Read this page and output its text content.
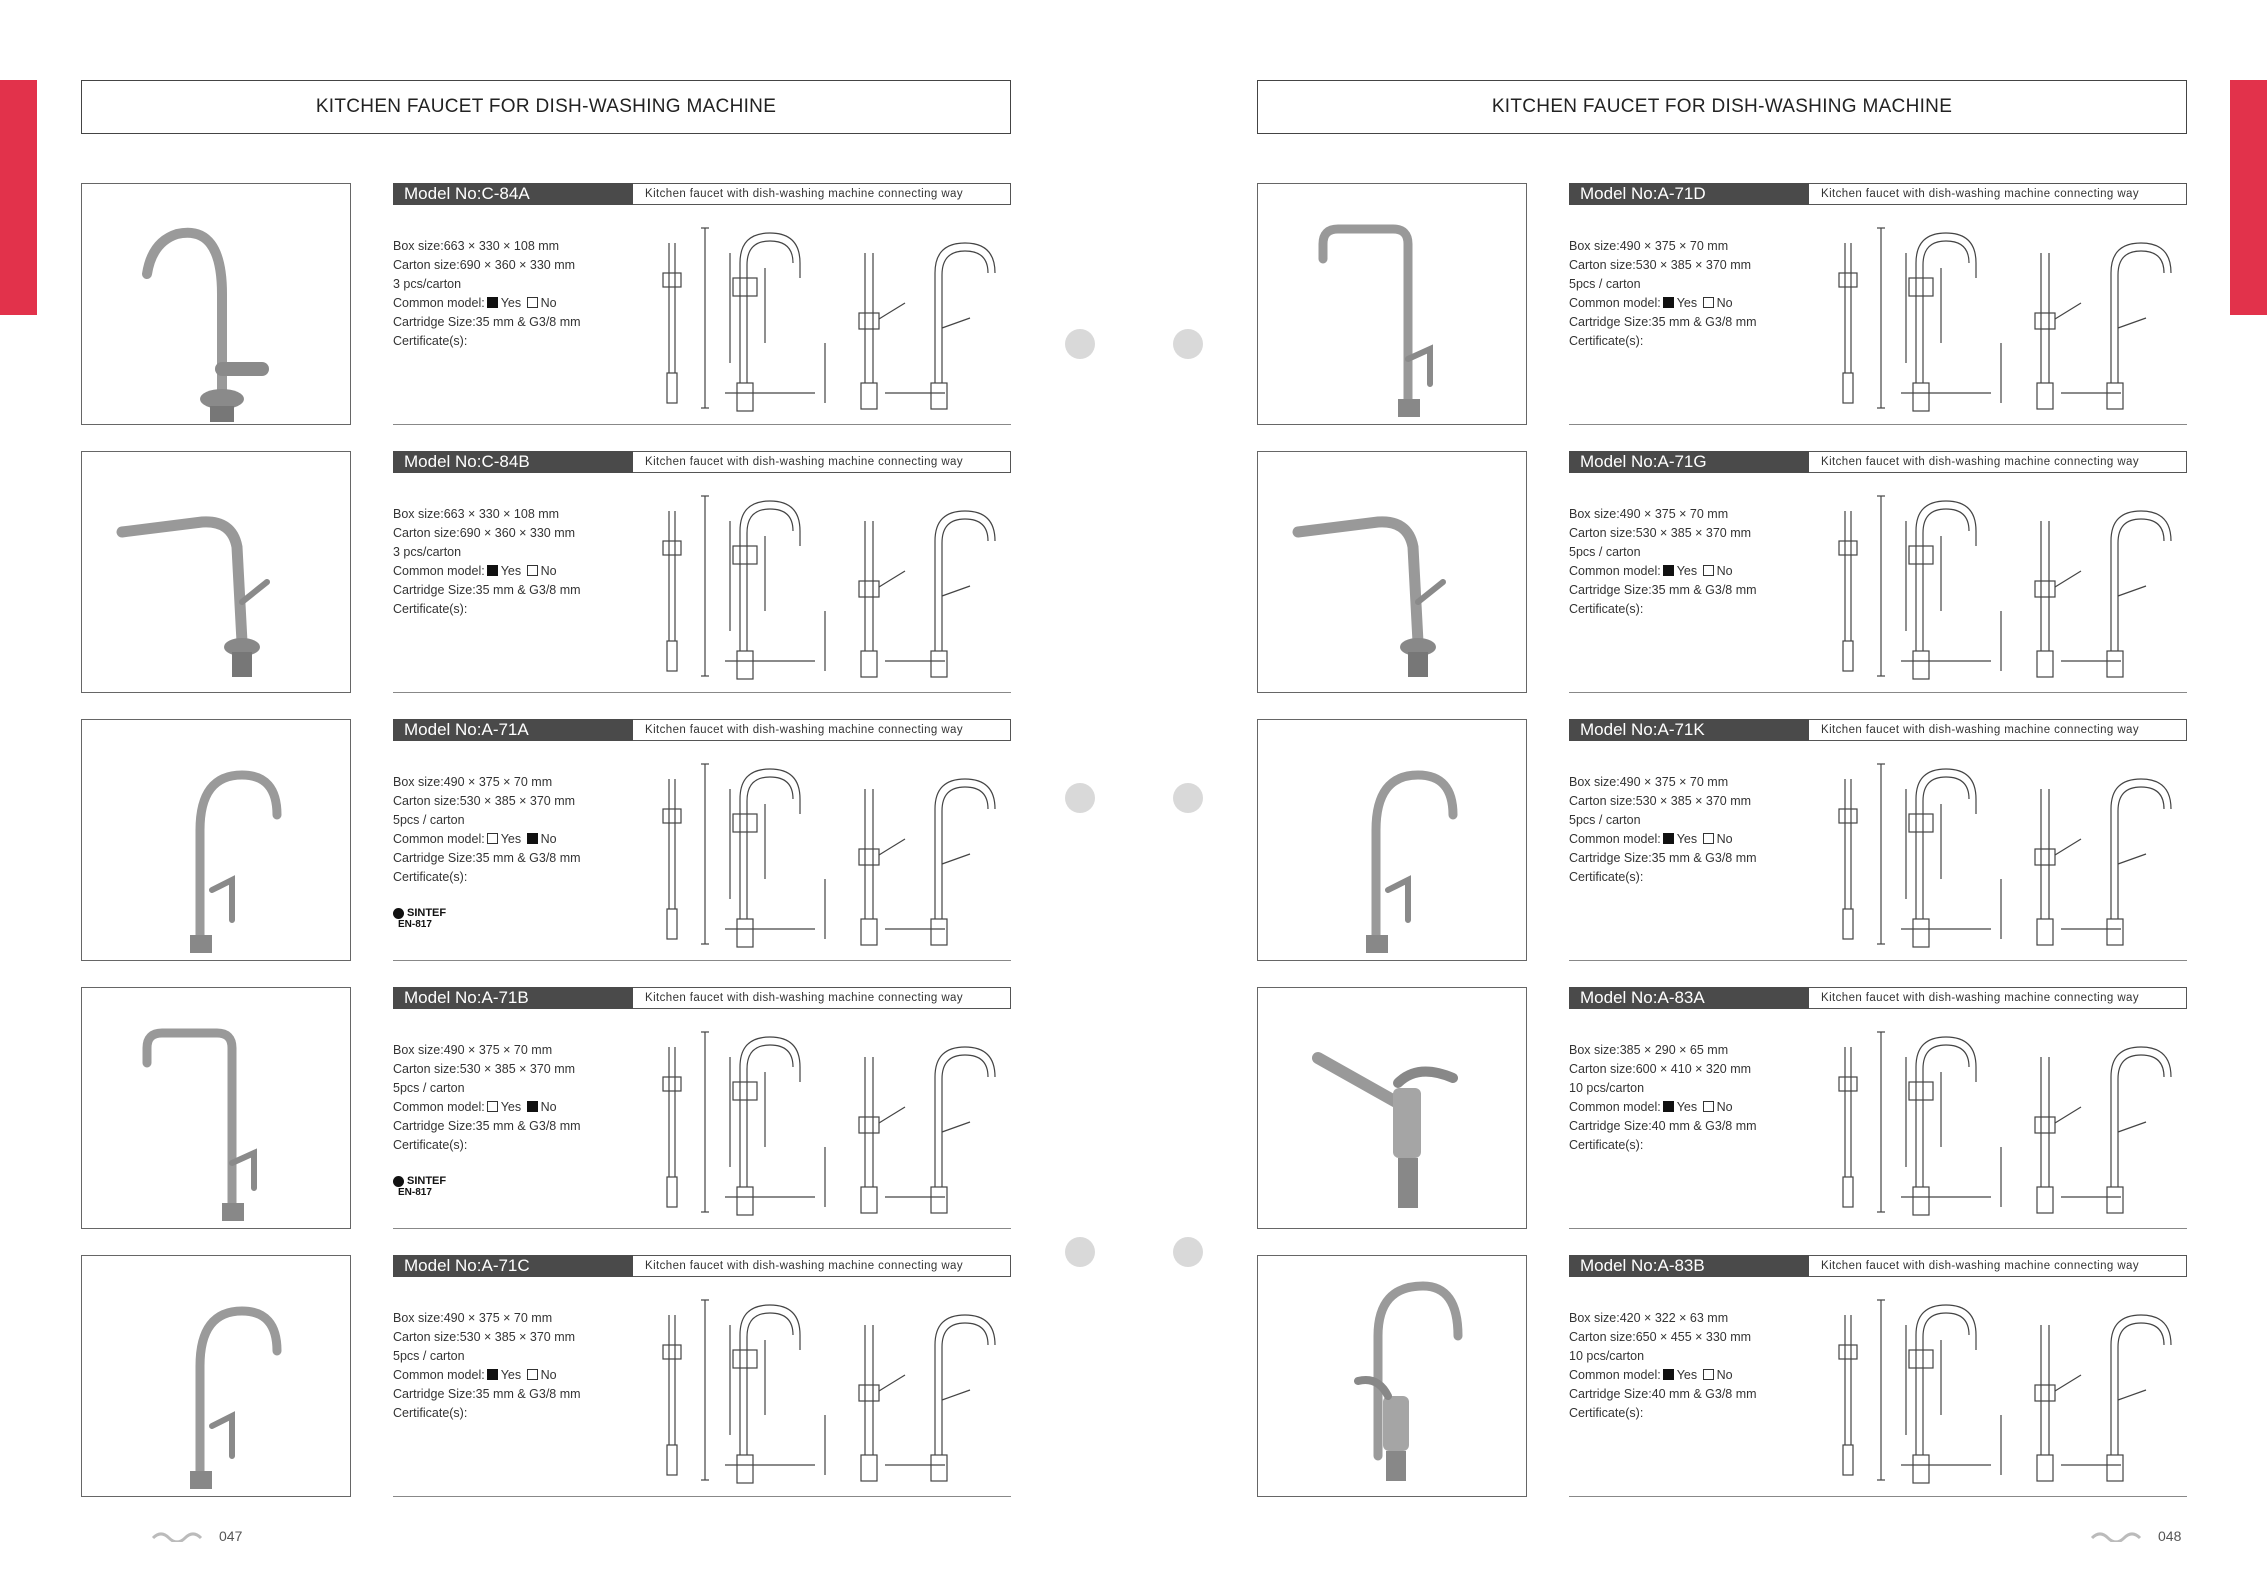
KITCHEN FAUCET FOR DISH-WASHING MACHINE
Model No:C-84A	Kitchen faucet with dish-washing machine connecting way
Box size:663 × 330 × 108 mm
Carton size:690 × 360 × 330 mm
3 pcs/carton
Common model: Yes No
Cartridge Size:35 mm & G3/8 mm
Certificate(s):
Model No:C-84B	Kitchen faucet with dish-washing machine connecting way
Box size:663 × 330 × 108 mm
Carton size:690 × 360 × 330 mm
3 pcs/carton
Common model: Yes No
Cartridge Size:35 mm & G3/8 mm
Certificate(s):
Model No:A-71A	Kitchen faucet with dish-washing machine connecting way
Box size:490 × 375 × 70 mm
Carton size:530 × 385 × 370 mm
5pcs / carton
Common model: Yes No
Cartridge Size:35 mm & G3/8 mm
Certificate(s):
SINTEF
EN-817
Model No:A-71B	Kitchen faucet with dish-washing machine connecting way
Box size:490 × 375 × 70 mm
Carton size:530 × 385 × 370 mm
5pcs / carton
Common model: Yes No
Cartridge Size:35 mm & G3/8 mm
Certificate(s):
SINTEF
EN-817
Model No:A-71C	Kitchen faucet with dish-washing machine connecting way
Box size:490 × 375 × 70 mm
Carton size:530 × 385 × 370 mm
5pcs / carton
Common model: Yes No
Cartridge Size:35 mm & G3/8 mm
Certificate(s):
047
KITCHEN FAUCET FOR DISH-WASHING MACHINE
Model No:A-71D	Kitchen faucet with dish-washing machine connecting way
Box size:490 × 375 × 70 mm
Carton size:530 × 385 × 370 mm
5pcs / carton
Common model: Yes No
Cartridge Size:35 mm & G3/8 mm
Certificate(s):
Model No:A-71G	Kitchen faucet with dish-washing machine connecting way
Box size:490 × 375 × 70 mm
Carton size:530 × 385 × 370 mm
5pcs / carton
Common model: Yes No
Cartridge Size:35 mm & G3/8 mm
Certificate(s):
Model No:A-71K	Kitchen faucet with dish-washing machine connecting way
Box size:490 × 375 × 70 mm
Carton size:530 × 385 × 370 mm
5pcs / carton
Common model: Yes No
Cartridge Size:35 mm & G3/8 mm
Certificate(s):
Model No:A-83A	Kitchen faucet with dish-washing machine connecting way
Box size:385 × 290 × 65 mm
Carton size:600 × 410 × 320 mm
10 pcs/carton
Common model: Yes No
Cartridge Size:40 mm & G3/8 mm
Certificate(s):
Model No:A-83B	Kitchen faucet with dish-washing machine connecting way
Box size:420 × 322 × 63 mm
Carton size:650 × 455 × 330 mm
10 pcs/carton
Common model: Yes No
Cartridge Size:40 mm & G3/8 mm
Certificate(s):
048
